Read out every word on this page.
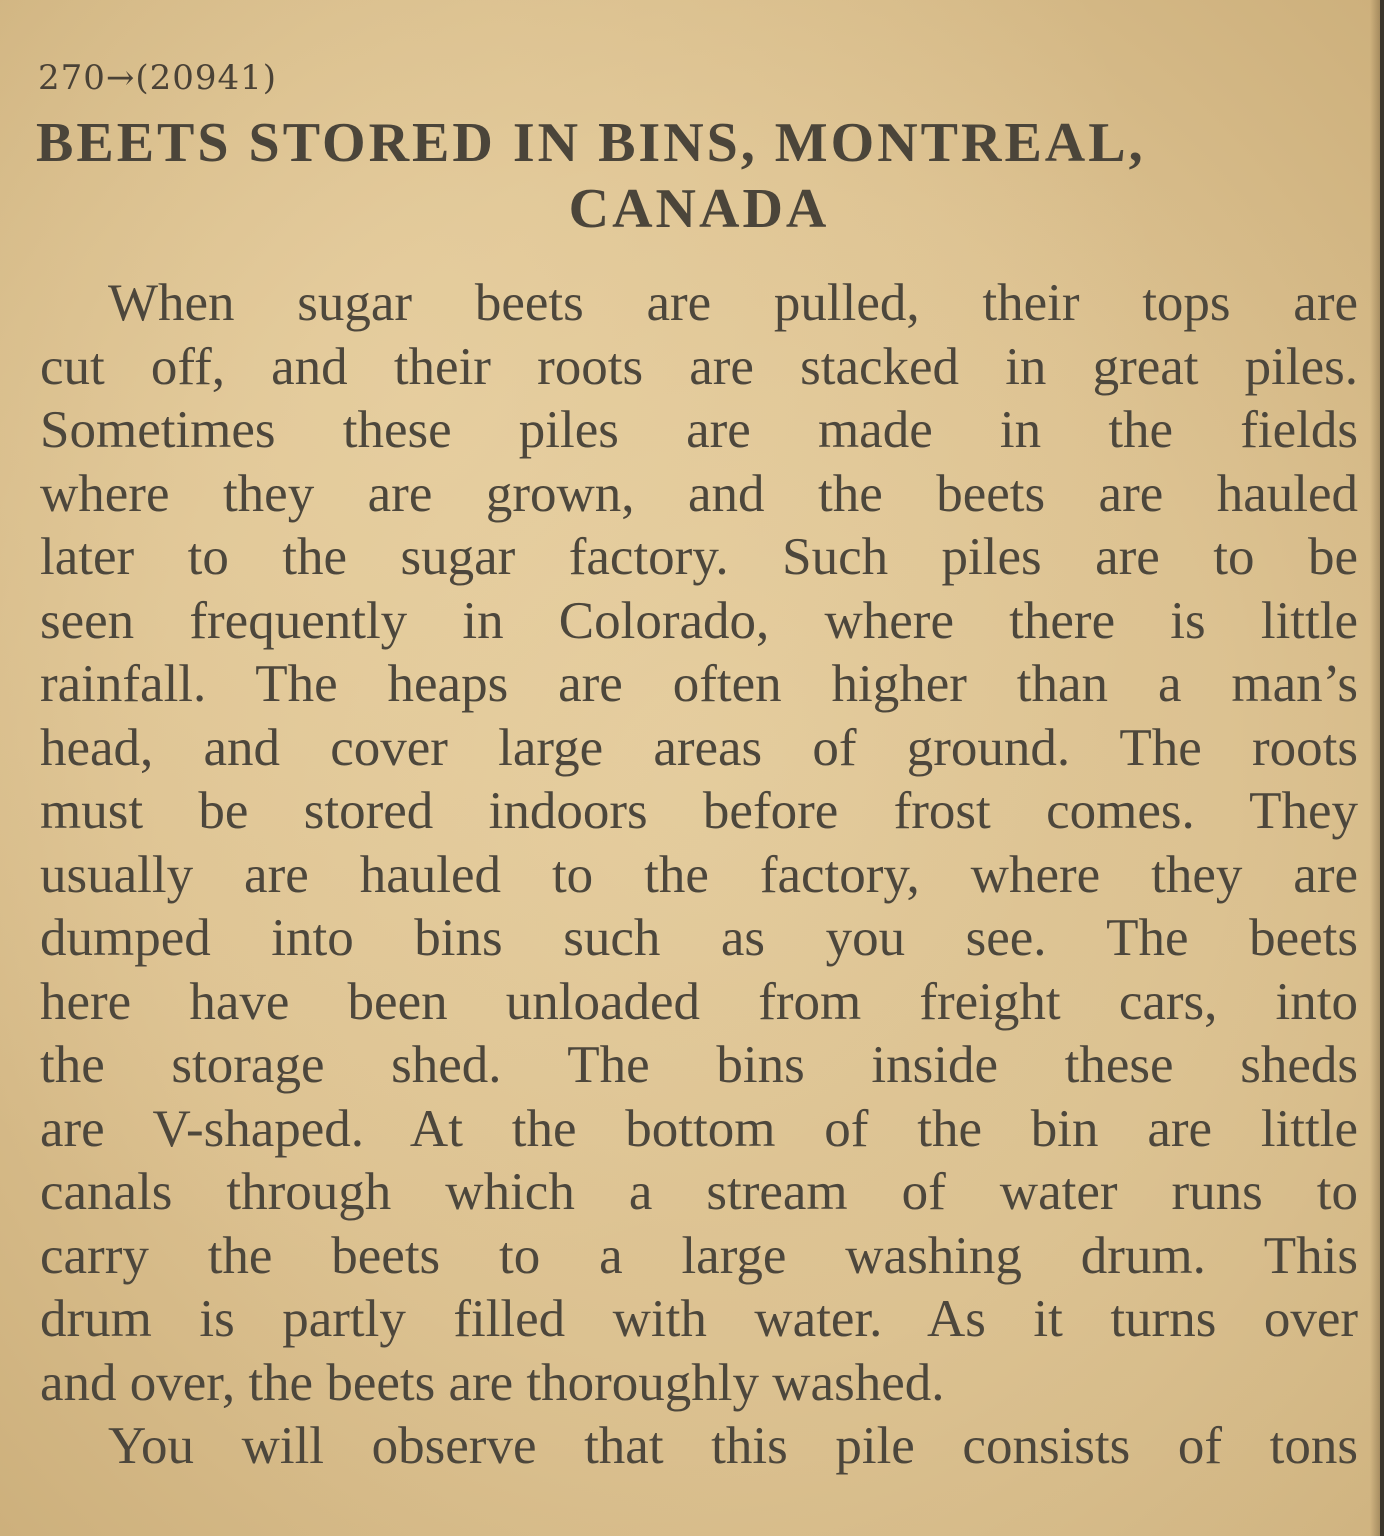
270→(20941)
BEETS STORED IN BINS, MONTREAL,
CANADA
When sugar beets are pulled, their tops are
cut off, and their roots are stacked in great piles.
Sometimes these piles are made in the fields
where they are grown, and the beets are hauled
later to the sugar factory. Such piles are to be
seen frequently in Colorado, where there is little
rainfall. The heaps are often higher than a man’s
head, and cover large areas of ground. The roots
must be stored indoors before frost comes. They
usually are hauled to the factory, where they are
dumped into bins such as you see. The beets
here have been unloaded from freight cars, into
the storage shed. The bins inside these sheds
are V-shaped. At the bottom of the bin are little
canals through which a stream of water runs to
carry the beets to a large washing drum. This
drum is partly filled with water. As it turns over
and over, the beets are thoroughly washed.
You will observe that this pile consists of tons
